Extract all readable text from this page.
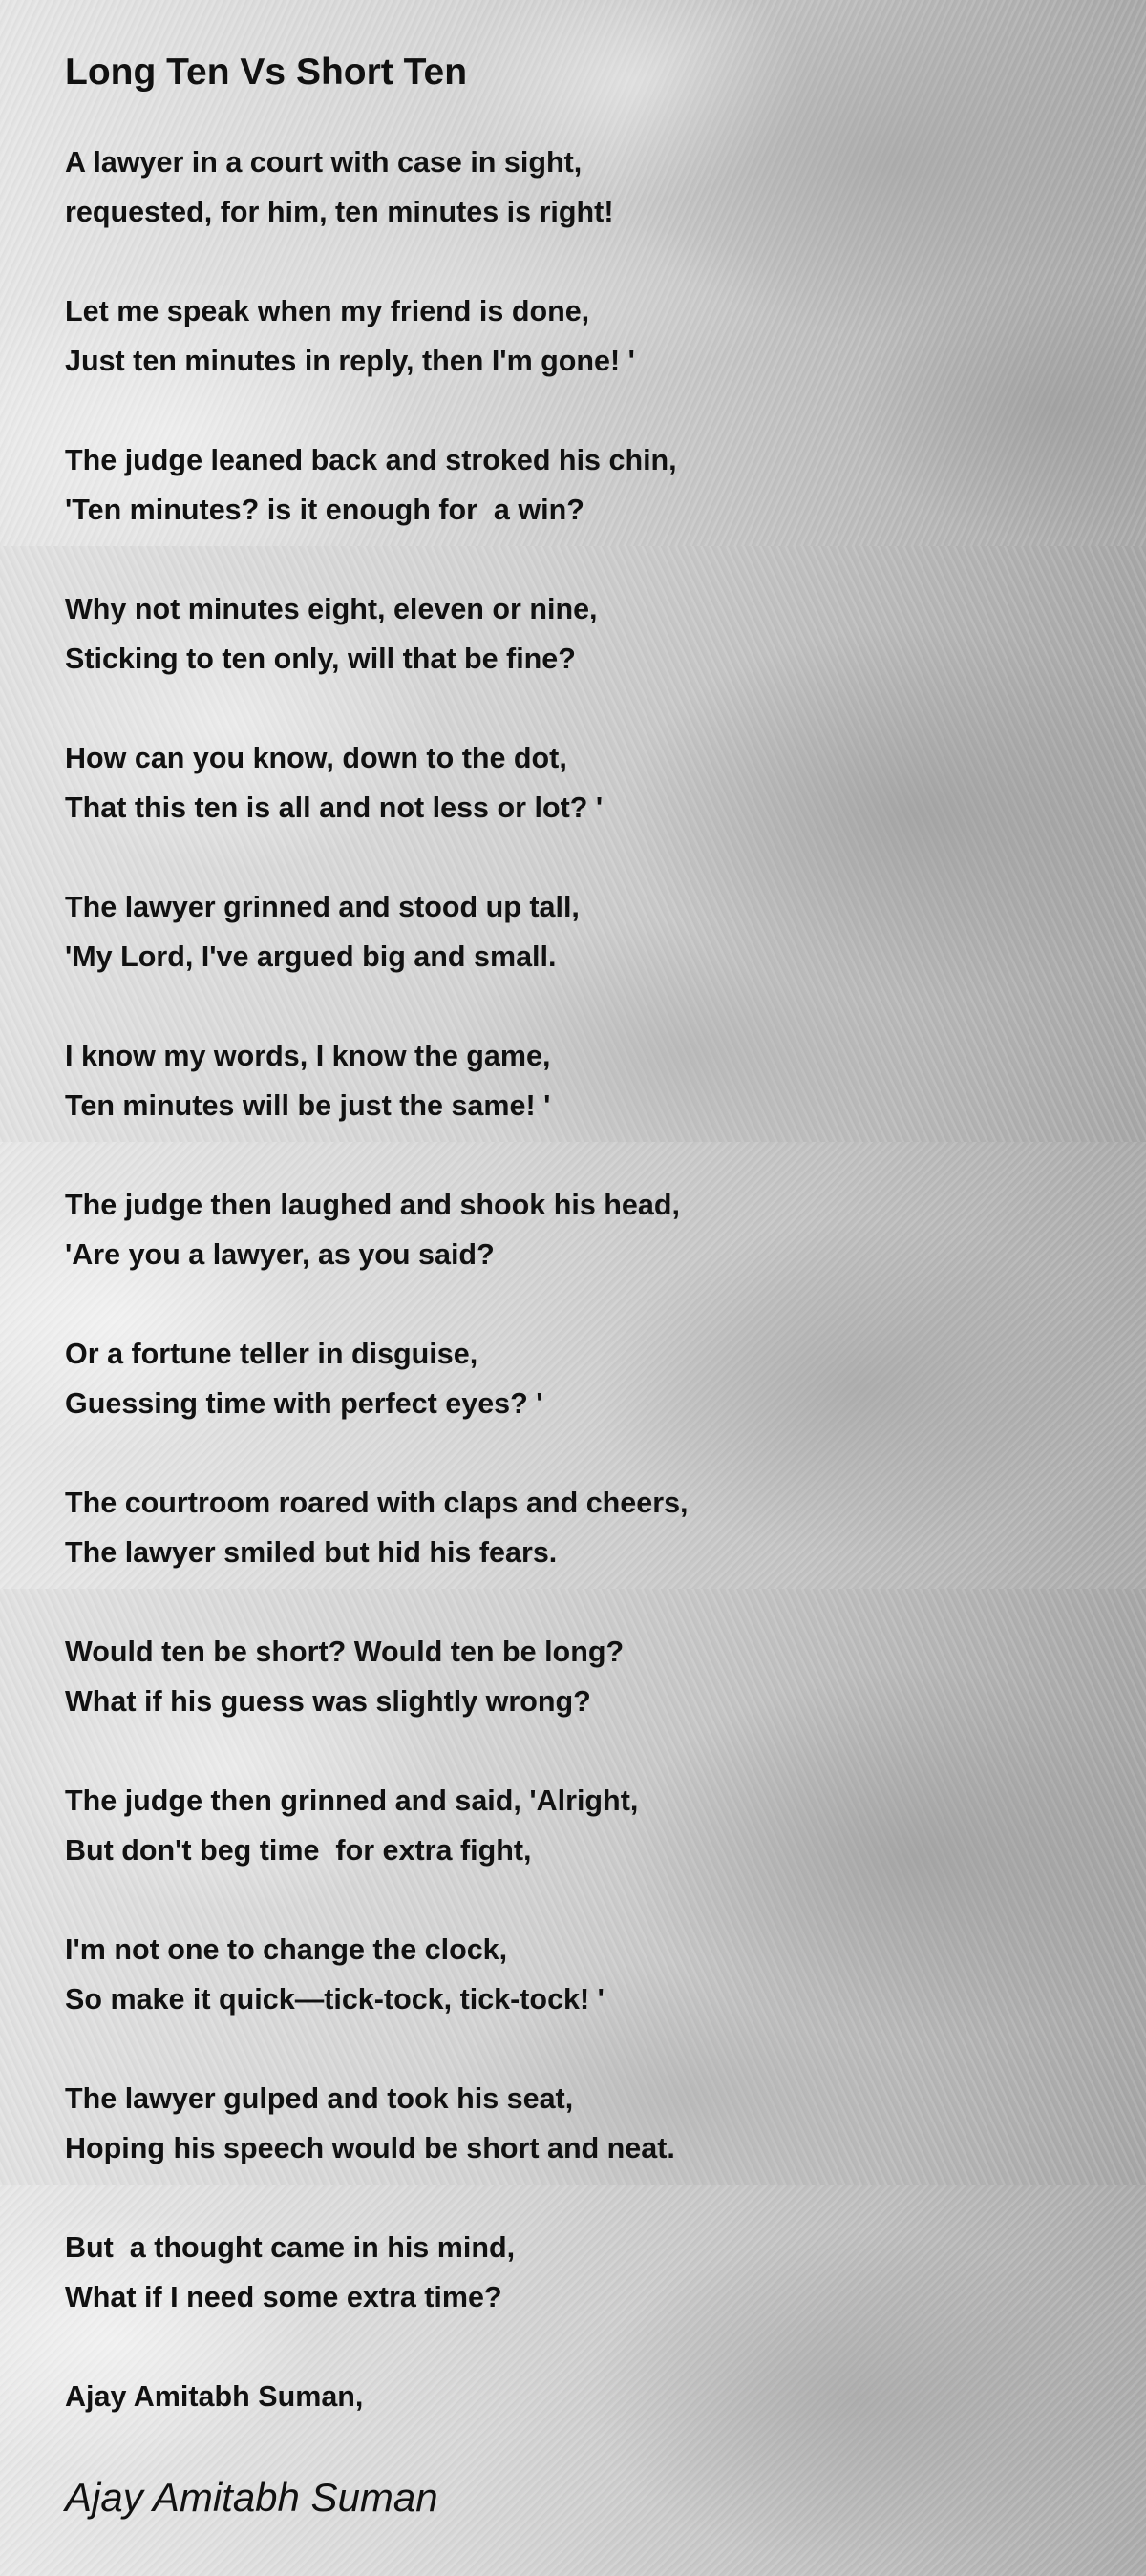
Long Ten Vs Short Ten

A lawyer in a court with case in sight,
requested, for him, ten minutes is right!

Let me speak when my friend is done,
Just ten minutes in reply, then I'm gone! '

The judge leaned back and stroked his chin,
'Ten minutes? is it enough for  a win?

Why not minutes eight, eleven or nine,
Sticking to ten only, will that be fine?

How can you know, down to the dot,
That this ten is all and not less or lot? '

The lawyer grinned and stood up tall,
'My Lord, I've argued big and small.

I know my words, I know the game,
Ten minutes will be just the same! '

The judge then laughed and shook his head,
'Are you a lawyer, as you said?

Or a fortune teller in disguise,
Guessing time with perfect eyes? '

The courtroom roared with claps and cheers,
The lawyer smiled but hid his fears.

Would ten be short? Would ten be long?
What if his guess was slightly wrong?

The judge then grinned and said, 'Alright,
But don't beg time  for extra fight,

I'm not one to change the clock,
So make it quick—tick-tock, tick-tock! '

The lawyer gulped and took his seat,
Hoping his speech would be short and neat.

But  a thought came in his mind,
What if I need some extra time?

Ajay Amitabh Suman,
Ajay Amitabh Suman
